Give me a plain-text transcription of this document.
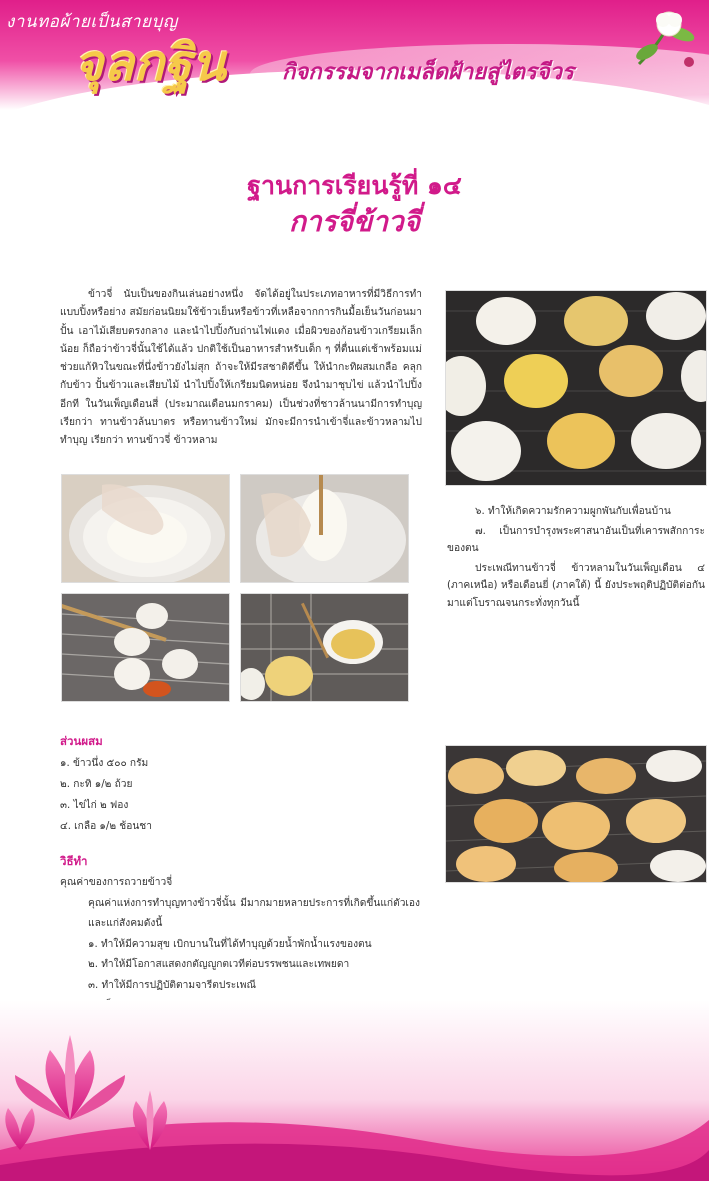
งานทอผ้ายเป็นสายบุญ
จุลกฐิน	กิจกรรมจากเมล็ดฝ้ายสู่ไตรจีวร
ฐานการเรียนรู้ที่ ๑๔
การจี่ข้าวจี่
ข้าวจี่ นับเป็นของกินเล่นอย่างหนึ่ง จัดได้อยู่ในประเภทอาหารที่มีวิธีการทำแบบปิ้งหรือย่าง สมัยก่อนนิยมใช้ข้าวเย็นหรือข้าวที่เหลือจากการกินมื้อเย็นวันก่อนมาปั้น เอาไม้เสียบตรงกลาง และนำไปปิ้งกับถ่านไฟแดง เมื่อผิวของก้อนข้าวเกรียมเล็กน้อย ก็ถือว่าข้าวจี่นั้นใช้ได้แล้ว ปกติใช้เป็นอาหารสำหรับเด็ก ๆ ที่ตื่นแต่เช้าพร้อมแม่ ช่วยแก้หิวในขณะที่นึ่งข้าวยังไม่สุก ถ้าจะให้มีรสชาติดีขึ้น ให้นำกะทิผสมเกลือ คลุกกับข้าว ปั้นข้าวและเสียบไม้ นำไปปิ้งให้เกรียมนิดหน่อย จึงนำมาชุบไข่ แล้วนำไปปิ้งอีกที ในวันเพ็ญเดือนสี่ (ประมาณเดือนมกราคม) เป็นช่วงที่ชาวล้านนามีการทำบุญ เรียกว่า ทานข้าวล้นบาตร หรือทานข้าวใหม่ มักจะมีการนำเข้าจี่และข้าวหลามไปทำบุญ เรียกว่า ทานข้าวจี่ ข้าวหลาม

๖. ทำให้เกิดความรักความผูกพันกับเพื่อนบ้าน

๗. เป็นการบำรุงพระศาสนาอันเป็นที่เคารพสักการะของตน

ประเพณีทานข้าวจี่ ข้าวหลามในวันเพ็ญเดือน ๔ (ภาคเหนือ) หรือเดือนยี่ (ภาคใต้) นี้ ยังประพฤติปฏิบัติต่อกันมาแต่โบราณจนกระทั่งทุกวันนี้

ส่วนผสม
๑. ข้าวนึ่ง ๕๐๐ กรัม
๒. กะทิ ๑/๒ ถ้วย
๓. ไข่ไก่ ๒ ฟอง
๔. เกลือ ๑/๒ ช้อนชา
วิธีทำ
คุณค่าของการถวายข้าวจี่
คุณค่าแห่งการทำบุญทางข้าวจี่นั้น มีมากมายหลายประการที่เกิดขึ้นแก่ตัวเอง และแก่สังคมดังนี้
๑. ทำให้มีความสุข เบิกบานในที่ได้ทำบุญด้วยน้ำพักน้ำแรงของตน
๒. ทำให้มีโอกาสแสดงกตัญญูกตเวทีต่อบรรพชนและเทพยดา
๓. ทำให้มีการปฏิบัติตามจารีตประเพณี
